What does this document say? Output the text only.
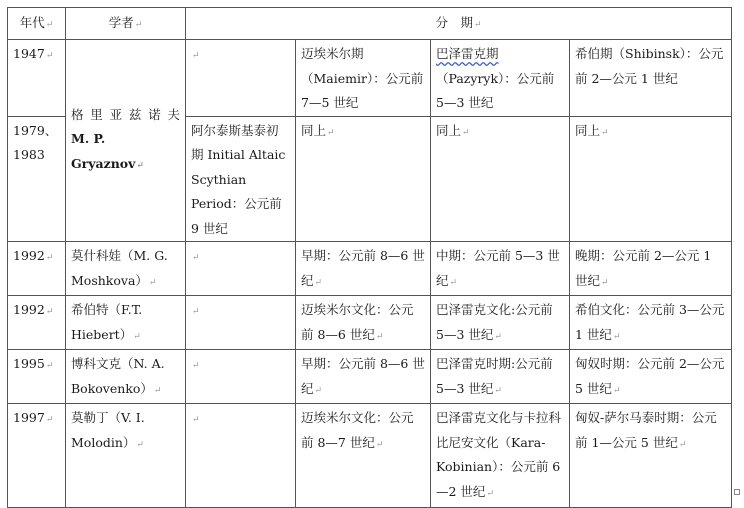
年代↵	学者↵	分　期↵			
1947↵	格里亚兹诺夫
M. P. Gryaznov↵	↵	迈埃米尔期（Maiemir）：公元前 7—5 世纪	巴泽雷克期（Pazyryk）：公元前 5—3 世纪	希伯期（Shibinsk）：公元前 2—公元 1 世纪
1979、1983		阿尔泰斯基泰初期 Initial Altaic Scythian Period：公元前 9 世纪	同上↵	同上↵	同上↵
1992↵	莫什科娃（M. G. Moshkova）↵	↵	早期：公元前 8—6 世纪↵	中期：公元前 5—3 世纪↵	晚期：公元前 2—公元 1 世纪↵
1992↵	希伯特（F.T. Hiebert）↵	↵	迈埃米尔文化：公元前 8—6 世纪↵	巴泽雷克文化:公元前 5—3 世纪↵	希伯文化：公元前 3—公元 1 世纪↵
1995↵	博科文克（N. A. Bokovenko）↵	↵	早期：公元前 8—6 世纪↵	巴泽雷克时期:公元前 5—3 世纪↵	匈奴时期：公元前 2—公元 5 世纪↵
1997↵	莫勒丁（V. I. Molodin）↵	↵	迈埃米尔文化：公元前 8—7 世纪↵	巴泽雷克文化与卡拉科比尼安文化（Kara-Kobinian）：公元前 6—2 世纪↵	匈奴-萨尔马泰时期：公元前 1—公元 5 世纪↵
